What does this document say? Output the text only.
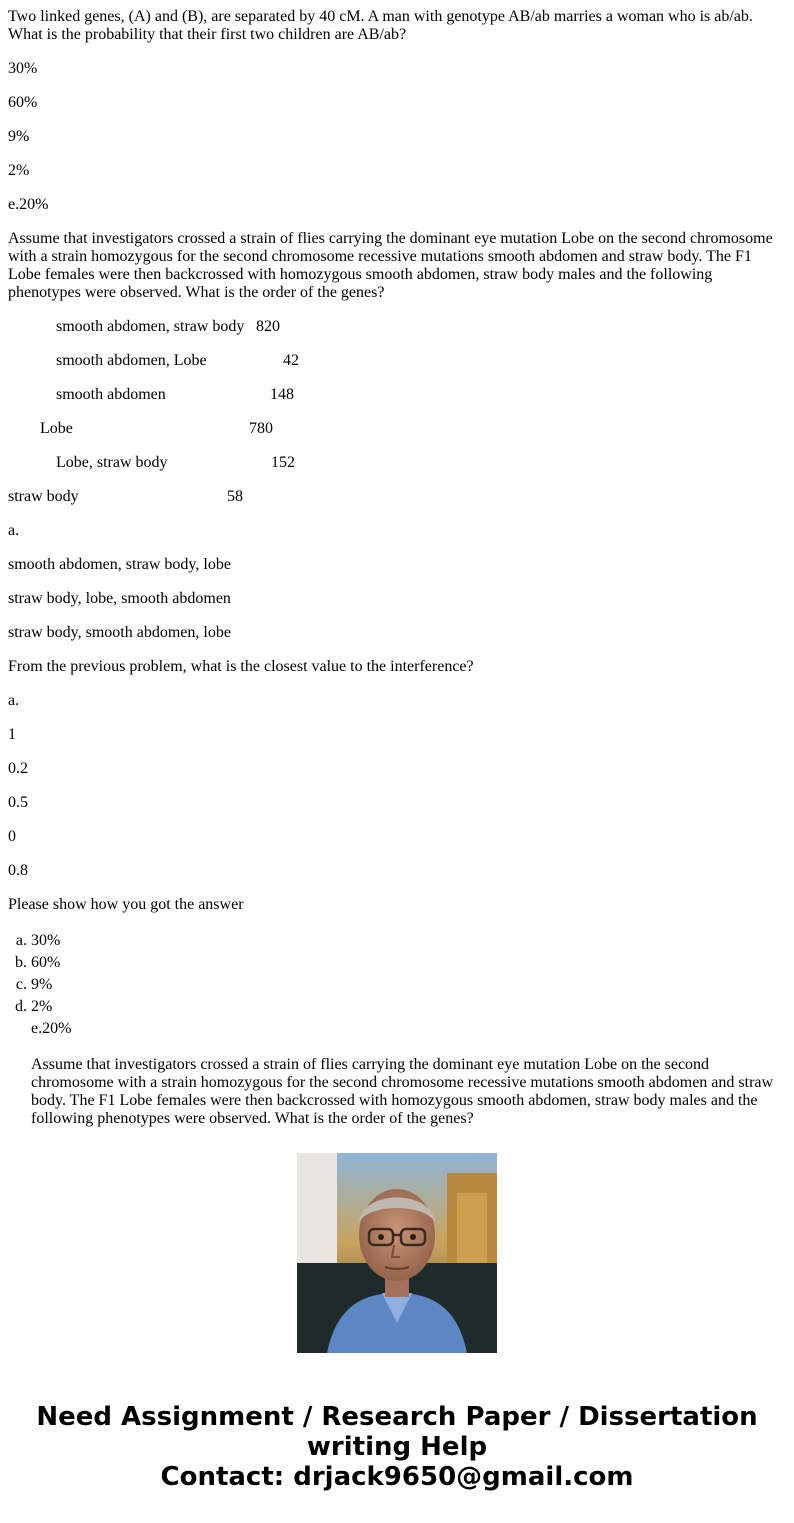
Two linked genes, (A) and (B), are separated by 40 cM. A man with genotype AB/ab marries a woman who is ab/ab. What is the probability that their first two children are AB/ab?

30%

60%

9%

2%

e.20%

Assume that investigators crossed a strain of flies carrying the dominant eye mutation Lobe on the second chromosome with a strain homozygous for the second chromosome recessive mutations smooth abdomen and straw body. The F1 Lobe females were then backcrossed with homozygous smooth abdomen, straw body males and the following phenotypes were observed. What is the order of the genes?

smooth abdomen, straw body 820

smooth abdomen, Lobe	42

smooth abdomen	148

Lobe	780

Lobe, straw body	152

straw body	58

a.

smooth abdomen, straw body, lobe

straw body, lobe, smooth abdomen

straw body, smooth abdomen, lobe

From the previous problem, what is the closest value to the interference?

a.

1

0.2

0.5

0

0.8

Please show how you got the answer

a. 30%
b. 60%
c. 9%
d. 2%
e.20%
Assume that investigators crossed a strain of flies carrying the dominant eye mutation Lobe on the second chromosome with a strain homozygous for the second chromosome recessive mutations smooth abdomen and straw body. The F1 Lobe females were then backcrossed with homozygous smooth abdomen, straw body males and the following phenotypes were observed. What is the order of the genes?
Need Assignment / Research Paper / Dissertation writing Help
Contact: drjack9650@gmail.com
